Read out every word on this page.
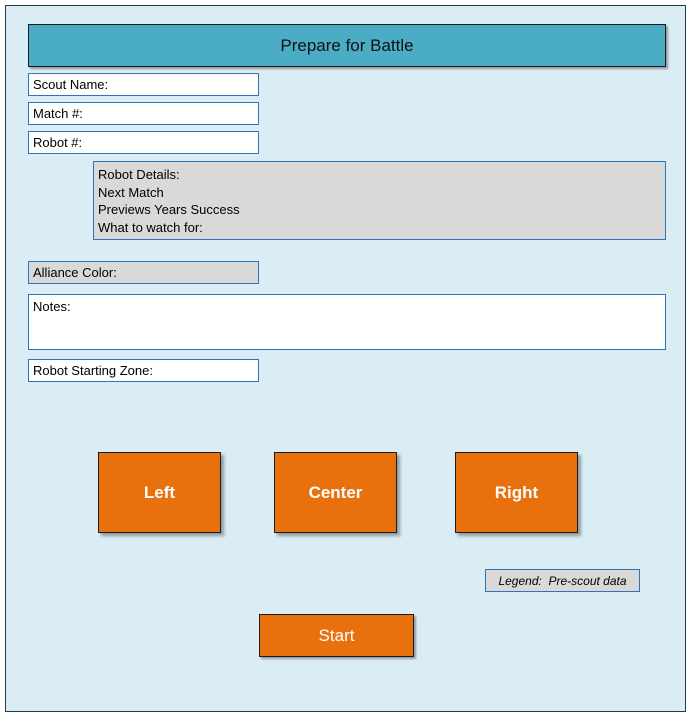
Prepare for Battle
Scout Name:
Match #:
Robot #:
Robot Details:
Next Match
Previews Years Success
What to watch for:
Alliance Color:
Notes:
Robot Starting Zone:
Left	Center	Right
Legend:  Pre-scout data
Start
